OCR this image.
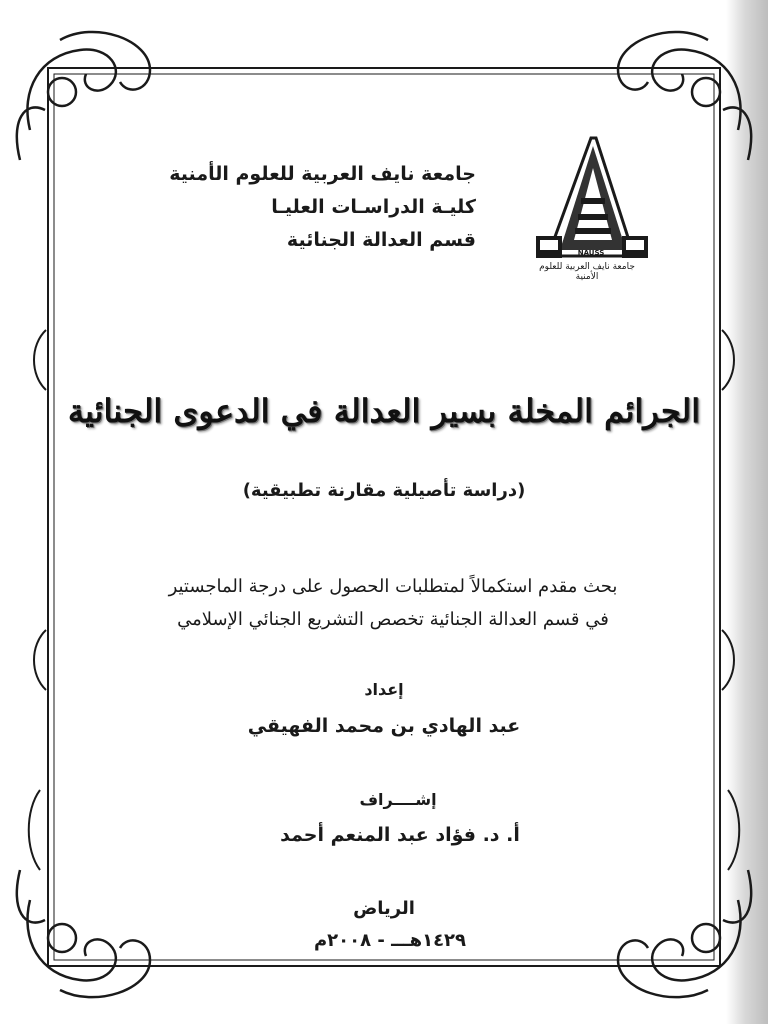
NAUSS
جامعة نايف العربية للعلوم الأمنية
جامعة نايف العربية للعلوم الأمنية
كليـة الدراسـات العليـا
قسم العدالة الجنائية
الجرائم المخلة بسير العدالة في الدعوى الجنائية
(دراسة تأصيلية مقارنة تطبيقية)
بحث مقدم استكمالاً لمتطلبات الحصول على درجة الماجستير
في قسم العدالة الجنائية تخصص التشريع الجنائي الإسلامي
إعداد
عبد الهادي بن محمد الفهيقي
إشــــراف
أ. د. فؤاد عبد المنعم أحمد
الرياض
١٤٢٩هـــ - ٢٠٠٨م
